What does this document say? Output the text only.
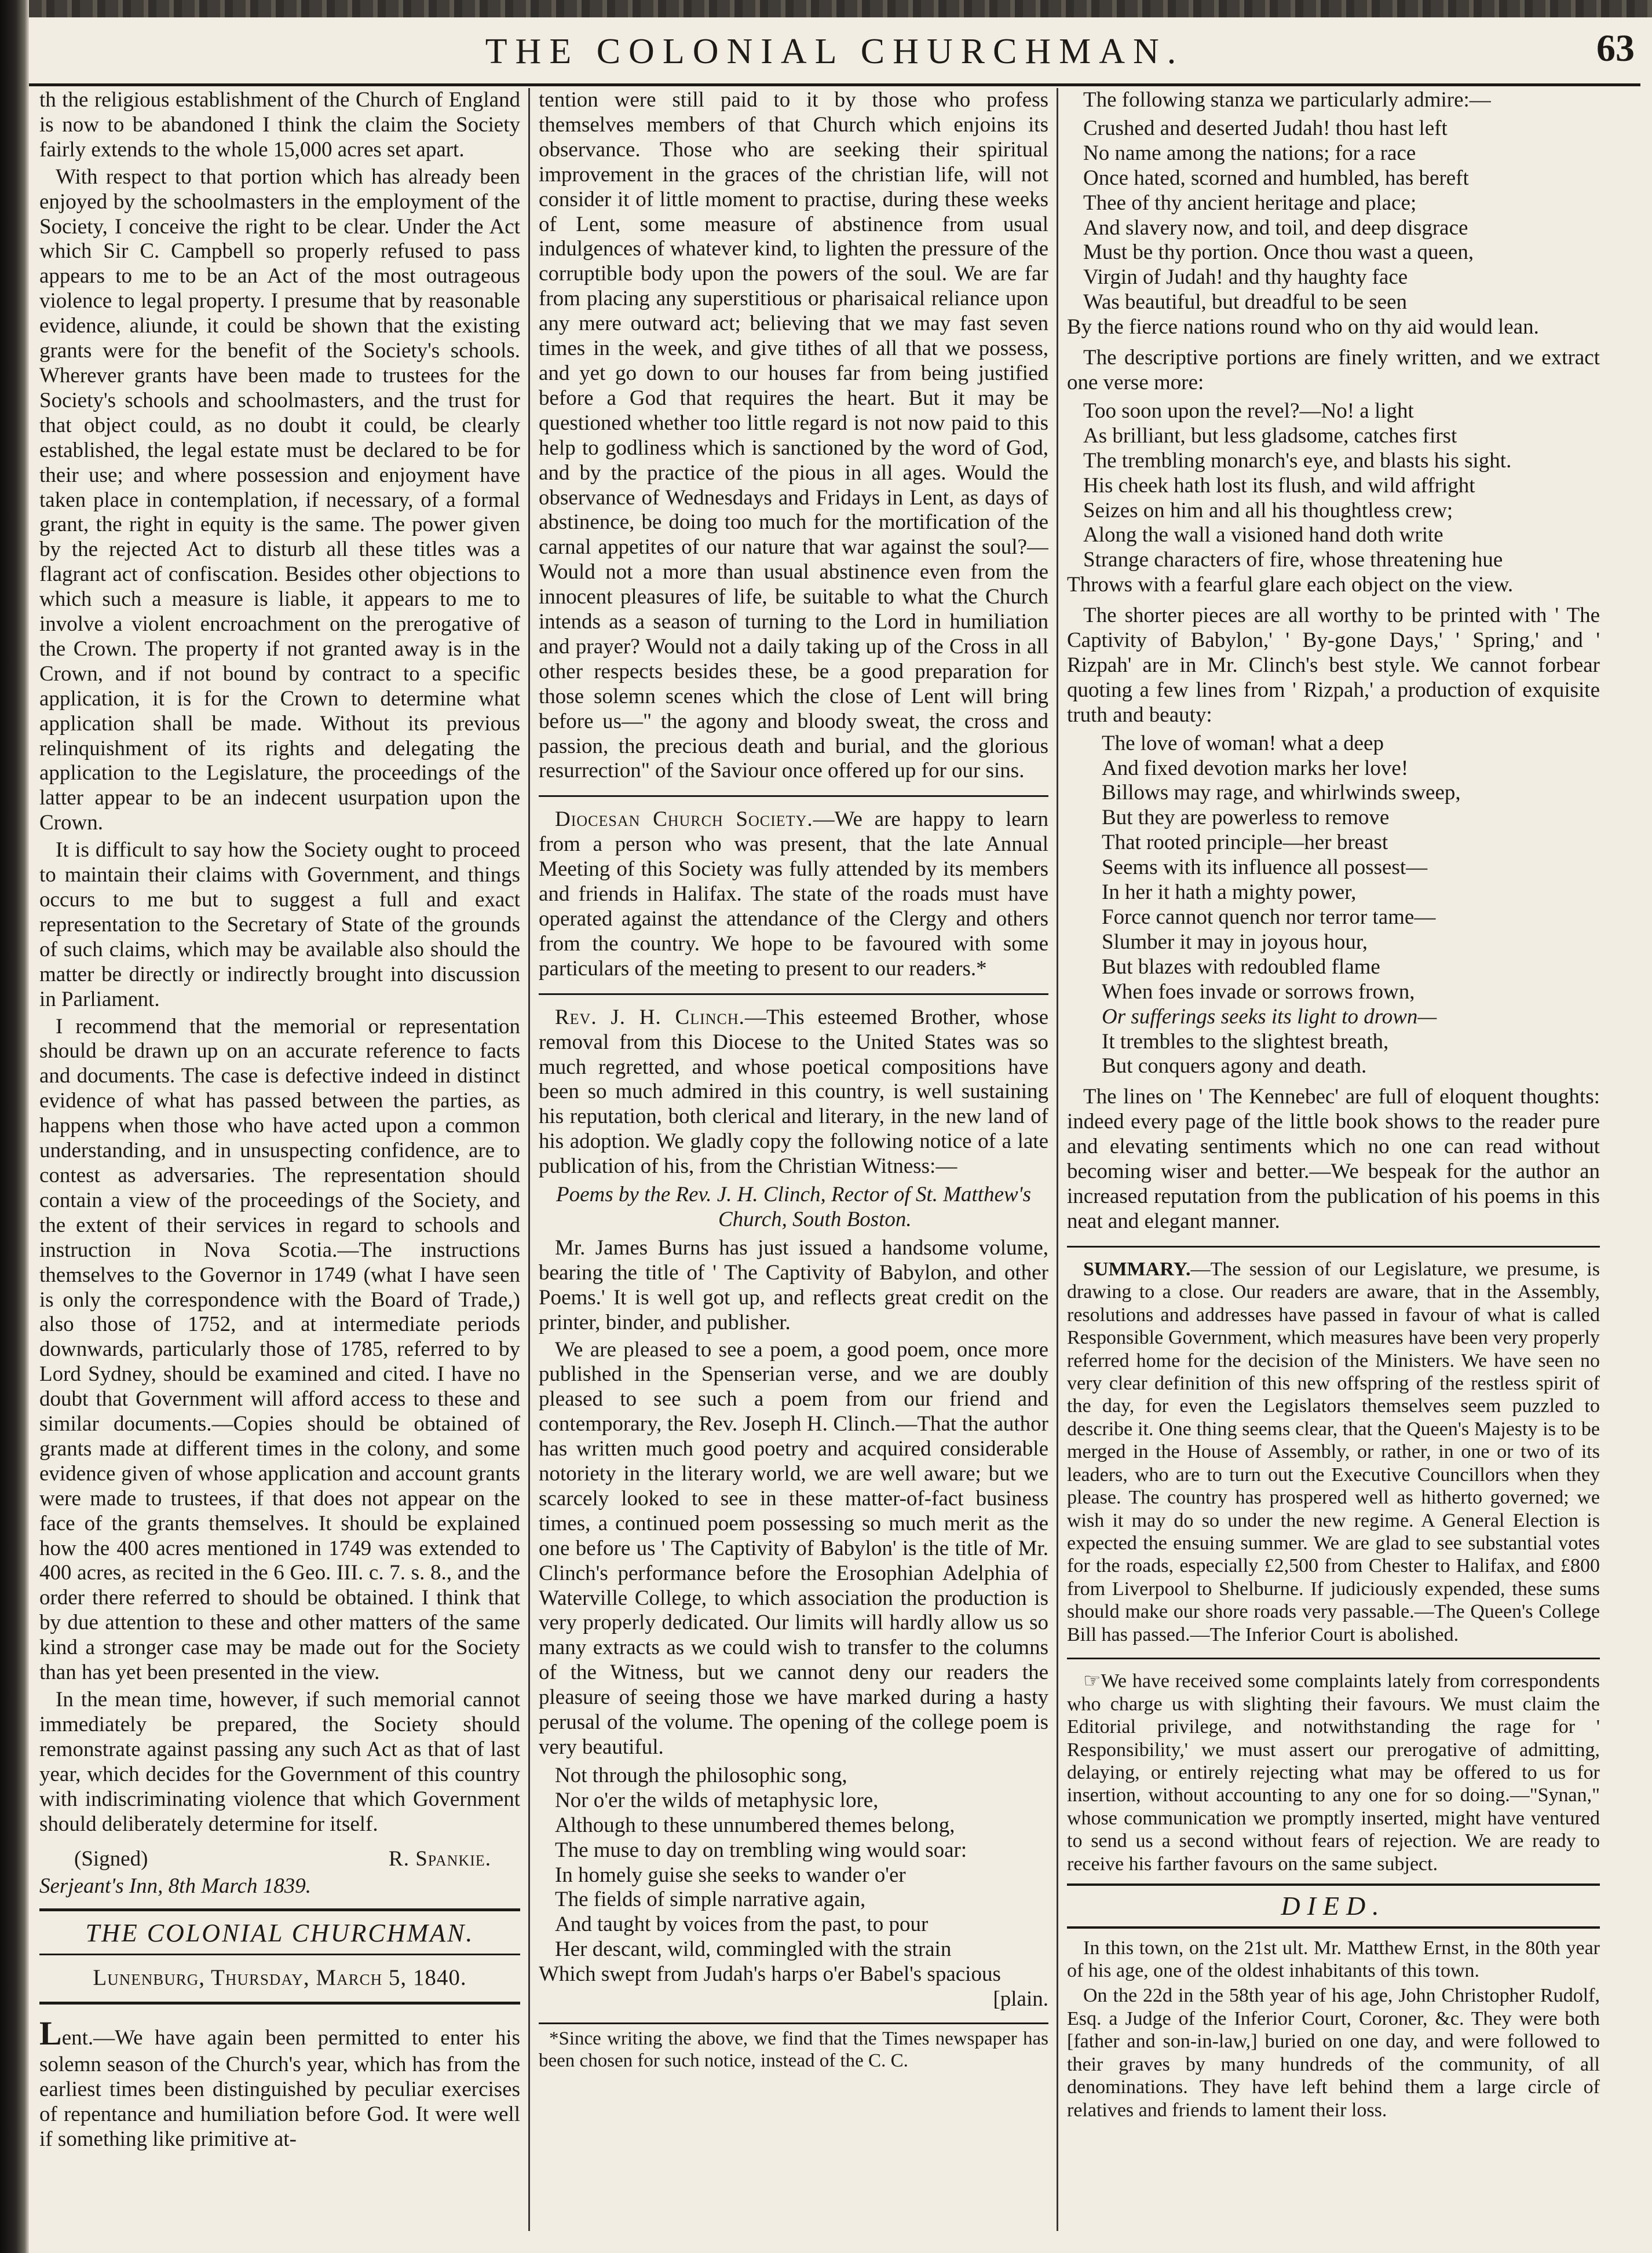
THE COLONIAL CHURCHMAN.	63

th the religious establishment of the Church of England is now to be abandoned I think the claim the Society fairly extends to the whole 15,000 acres set apart.

With respect to that portion which has already been enjoyed by the schoolmasters in the employment of the Society, I conceive the right to be clear. Under the Act which Sir C. Campbell so properly refused to pass appears to me to be an Act of the most outrageous violence to legal property. I presume that by reasonable evidence, aliunde, it could be shown that the existing grants were for the benefit of the Society's schools. Wherever grants have been made to trustees for the Society's schools and schoolmasters, and the trust for that object could, as no doubt it could, be clearly established, the legal estate must be declared to be for their use; and where possession and enjoyment have taken place in contemplation, if necessary, of a formal grant, the right in equity is the same. The power given by the rejected Act to disturb all these titles was a flagrant act of confiscation. Besides other objections to which such a measure is liable, it appears to me to involve a violent encroachment on the prerogative of the Crown. The property if not granted away is in the Crown, and if not bound by contract to a specific application, it is for the Crown to determine what application shall be made. Without its previous relinquishment of its rights and delegating the application to the Legislature, the proceedings of the latter appear to be an indecent usurpation upon the Crown.

It is difficult to say how the Society ought to proceed to maintain their claims with Government, and things occurs to me but to suggest a full and exact representation to the Secretary of State of the grounds of such claims, which may be available also should the matter be directly or indirectly brought into discussion in Parliament.

I recommend that the memorial or representation should be drawn up on an accurate reference to facts and documents. The case is defective indeed in distinct evidence of what has passed between the parties, as happens when those who have acted upon a common understanding, and in unsuspecting confidence, are to contest as adversaries. The representation should contain a view of the proceedings of the Society, and the extent of their services in regard to schools and instruction in Nova Scotia.—The instructions themselves to the Governor in 1749 (what I have seen is only the correspondence with the Board of Trade,) also those of 1752, and at intermediate periods downwards, particularly those of 1785, referred to by Lord Sydney, should be examined and cited. I have no doubt that Government will afford access to these and similar documents.—Copies should be obtained of grants made at different times in the colony, and some evidence given of whose application and account grants were made to trustees, if that does not appear on the face of the grants themselves. It should be explained how the 400 acres mentioned in 1749 was extended to 400 acres, as recited in the 6 Geo. III. c. 7. s. 8., and the order there referred to should be obtained. I think that by due attention to these and other matters of the same kind a stronger case may be made out for the Society than has yet been presented in the view.

In the mean time, however, if such memorial cannot immediately be prepared, the Society should remonstrate against passing any such Act as that of last year, which decides for the Government of this country with indiscriminating violence that which Government should deliberately determine for itself.

(Signed)	R. Spankie.
Serjeant's Inn, 8th March 1839.
THE COLONIAL CHURCHMAN.
Lunenburg, Thursday, March 5, 1840.

Lent.—We have again been permitted to enter his solemn season of the Church's year, which has from the earliest times been distinguished by peculiar exercises of repentance and humiliation before God. It were well if something like primitive at-

tention were still paid to it by those who profess themselves members of that Church which enjoins its observance. Those who are seeking their spiritual improvement in the graces of the christian life, will not consider it of little moment to practise, during these weeks of Lent, some measure of abstinence from usual indulgences of whatever kind, to lighten the pressure of the corruptible body upon the powers of the soul. We are far from placing any superstitious or pharisaical reliance upon any mere outward act; believing that we may fast seven times in the week, and give tithes of all that we possess, and yet go down to our houses far from being justified before a God that requires the heart. But it may be questioned whether too little regard is not now paid to this help to godliness which is sanctioned by the word of God, and by the practice of the pious in all ages. Would the observance of Wednesdays and Fridays in Lent, as days of abstinence, be doing too much for the mortification of the carnal appetites of our nature that war against the soul?—Would not a more than usual abstinence even from the innocent pleasures of life, be suitable to what the Church intends as a season of turning to the Lord in humiliation and prayer? Would not a daily taking up of the Cross in all other respects besides these, be a good preparation for those solemn scenes which the close of Lent will bring before us—" the agony and bloody sweat, the cross and passion, the precious death and burial, and the glorious resurrection" of the Saviour once offered up for our sins.

Diocesan Church Society.—We are happy to learn from a person who was present, that the late Annual Meeting of this Society was fully attended by its members and friends in Halifax. The state of the roads must have operated against the attendance of the Clergy and others from the country. We hope to be favoured with some particulars of the meeting to present to our readers.*

Rev. J. H. Clinch.—This esteemed Brother, whose removal from this Diocese to the United States was so much regretted, and whose poetical compositions have been so much admired in this country, is well sustaining his reputation, both clerical and literary, in the new land of his adoption. We gladly copy the following notice of a late publication of his, from the Christian Witness:—

Poems by the Rev. J. H. Clinch, Rector of St. Matthew's
Church, South Boston.

Mr. James Burns has just issued a handsome volume, bearing the title of ' The Captivity of Babylon, and other Poems.' It is well got up, and reflects great credit on the printer, binder, and publisher.

We are pleased to see a poem, a good poem, once more published in the Spenserian verse, and we are doubly pleased to see such a poem from our friend and contemporary, the Rev. Joseph H. Clinch.—That the author has written much good poetry and acquired considerable notoriety in the literary world, we are well aware; but we scarcely looked to see in these matter-of-fact business times, a continued poem possessing so much merit as the one before us ' The Captivity of Babylon' is the title of Mr. Clinch's performance before the Erosophian Adelphia of Waterville College, to which association the production is very properly dedicated. Our limits will hardly allow us so many extracts as we could wish to transfer to the columns of the Witness, but we cannot deny our readers the pleasure of seeing those we have marked during a hasty perusal of the volume. The opening of the college poem is very beautiful.

Not through the philosophic song,
Nor o'er the wilds of metaphysic lore,
Although to these unnumbered themes belong,
The muse to day on trembling wing would soar:
In homely guise she seeks to wander o'er
The fields of simple narrative again,
And taught by voices from the past, to pour
Her descant, wild, commingled with the strain
Which swept from Judah's harps o'er Babel's spacious
[plain.
*Since writing the above, we find that the Times newspaper has been chosen for such notice, instead of the C. C.

The following stanza we particularly admire:—

Crushed and deserted Judah! thou hast left
No name among the nations; for a race
Once hated, scorned and humbled, has bereft
Thee of thy ancient heritage and place;
And slavery now, and toil, and deep disgrace
Must be thy portion. Once thou wast a queen,
Virgin of Judah! and thy haughty face
Was beautiful, but dreadful to be seen
By the fierce nations round who on thy aid would lean.

The descriptive portions are finely written, and we extract one verse more:

Too soon upon the revel?—No! a light
As brilliant, but less gladsome, catches first
The trembling monarch's eye, and blasts his sight.
His cheek hath lost its flush, and wild affright
Seizes on him and all his thoughtless crew;
Along the wall a visioned hand doth write
Strange characters of fire, whose threatening hue
Throws with a fearful glare each object on the view.

The shorter pieces are all worthy to be printed with ' The Captivity of Babylon,' ' By-gone Days,' ' Spring,' and ' Rizpah' are in Mr. Clinch's best style. We cannot forbear quoting a few lines from ' Rizpah,' a production of exquisite truth and beauty:

The love of woman! what a deep
And fixed devotion marks her love!
Billows may rage, and whirlwinds sweep,
But they are powerless to remove
That rooted principle—her breast
Seems with its influence all possest—
In her it hath a mighty power,
Force cannot quench nor terror tame—
Slumber it may in joyous hour,
But blazes with redoubled flame
When foes invade or sorrows frown,
Or sufferings seeks its light to drown—
It trembles to the slightest breath,
But conquers agony and death.

The lines on ' The Kennebec' are full of eloquent thoughts: indeed every page of the little book shows to the reader pure and elevating sentiments which no one can read without becoming wiser and better.—We bespeak for the author an increased reputation from the publication of his poems in this neat and elegant manner.

SUMMARY.—The session of our Legislature, we presume, is drawing to a close. Our readers are aware, that in the Assembly, resolutions and addresses have passed in favour of what is called Responsible Government, which measures have been very properly referred home for the decision of the Ministers. We have seen no very clear definition of this new offspring of the restless spirit of the day, for even the Legislators themselves seem puzzled to describe it. One thing seems clear, that the Queen's Majesty is to be merged in the House of Assembly, or rather, in one or two of its leaders, who are to turn out the Executive Councillors when they please. The country has prospered well as hitherto governed; we wish it may do so under the new regime. A General Election is expected the ensuing summer. We are glad to see substantial votes for the roads, especially £2,500 from Chester to Halifax, and £800 from Liverpool to Shelburne. If judiciously expended, these sums should make our shore roads very passable.—The Queen's College Bill has passed.—The Inferior Court is abolished.

☞We have received some complaints lately from correspondents who charge us with slighting their favours. We must claim the Editorial privilege, and notwithstanding the rage for ' Responsibility,' we must assert our prerogative of admitting, delaying, or entirely rejecting what may be offered to us for insertion, without accounting to any one for so doing.—"Synan," whose communication we promptly inserted, might have ventured to send us a second without fears of rejection. We are ready to receive his farther favours on the same subject.

DIED.

In this town, on the 21st ult. Mr. Matthew Ernst, in the 80th year of his age, one of the oldest inhabitants of this town.

On the 22d in the 58th year of his age, John Christopher Rudolf, Esq. a Judge of the Inferior Court, Coroner, &c. They were both [father and son-in-law,] buried on one day, and were followed to their graves by many hundreds of the community, of all denominations. They have left behind them a large circle of relatives and friends to lament their loss.
